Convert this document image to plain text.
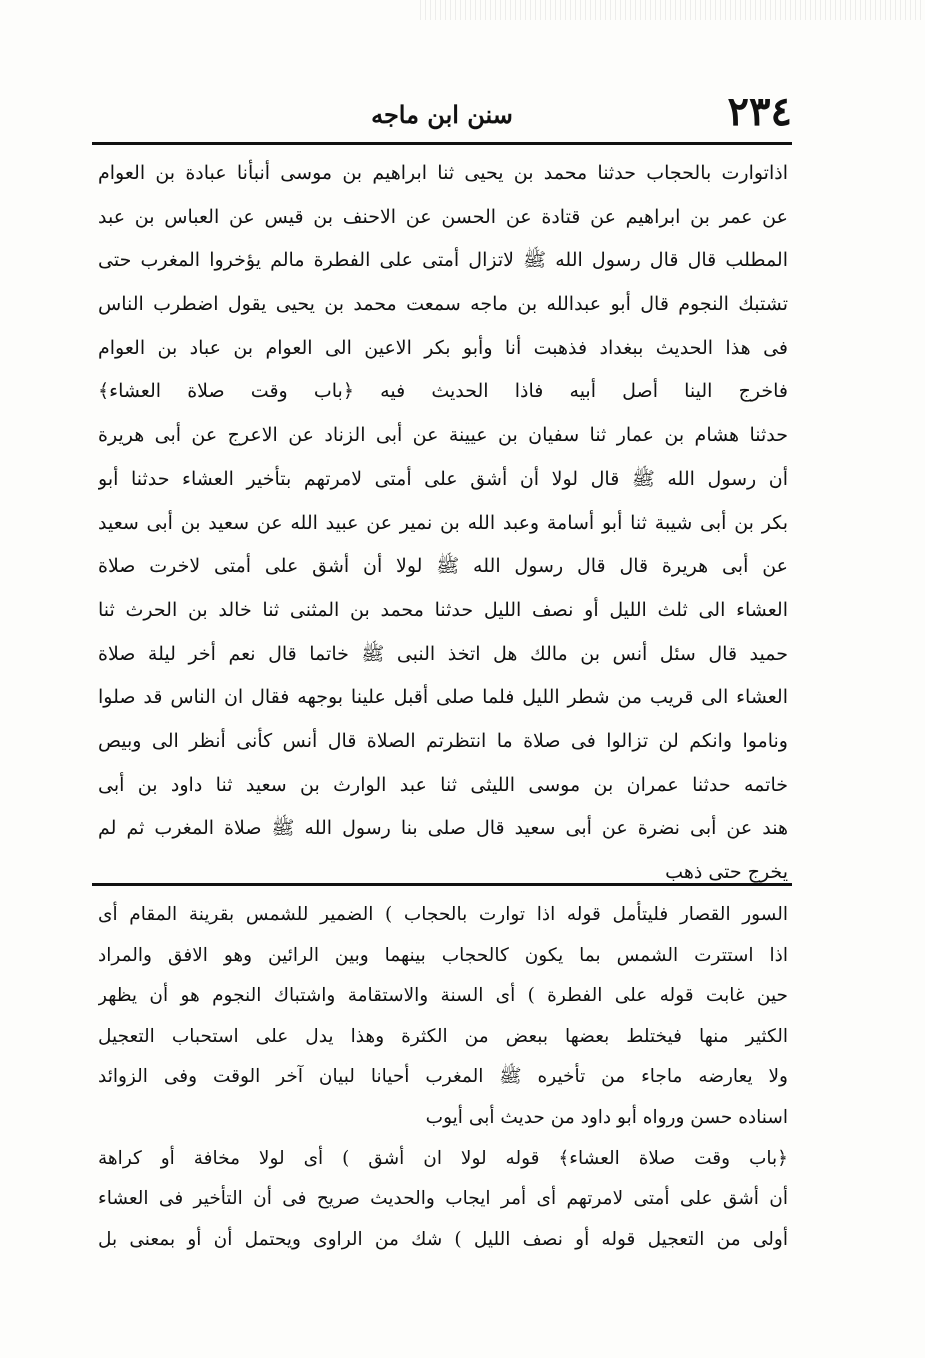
٢٣٤
سنن ابن ماجه
اذاتوارت بالحجاب حدثنا محمد بن يحيى ثنا ابراهيم بن موسى أنبأنا عبادة بن العوام
عن عمر بن ابراهيم عن قتادة عن الحسن عن الاحنف بن قيس عن العباس بن عبد
المطلب قال قال رسول الله ﷺ لاتزال أمتى على الفطرة مالم يؤخروا المغرب حتى
تشتبك النجوم قال أبو عبدالله بن ماجه سمعت محمد بن يحيى يقول اضطرب الناس
فى هذا الحديث ببغداد فذهبت أنا وأبو بكر الاعين الى العوام بن عباد بن العوام
فاخرج الينا أصل أبيه فاذا الحديث فيه ﴿باب وقت صلاة العشاء﴾
حدثنا هشام بن عمار ثنا سفيان بن عيينة عن أبى الزناد عن الاعرج عن أبى هريرة
أن رسول الله ﷺ قال لولا أن أشق على أمتى لامرتهم بتأخير العشاء حدثنا أبو
بكر بن أبى شيبة ثنا أبو أسامة وعبد الله بن نمير عن عبيد الله عن سعيد بن أبى سعيد
عن أبى هريرة قال قال رسول الله ﷺ لولا أن أشق على أمتى لاخرت صلاة
العشاء الى ثلث الليل أو نصف الليل حدثنا محمد بن المثنى ثنا خالد بن الحرث ثنا
حميد قال سئل أنس بن مالك هل اتخذ النبى ﷺ خاتما قال نعم أخر ليلة صلاة
العشاء الى قريب من شطر الليل فلما صلى أقبل علينا بوجهه فقال ان الناس قد صلوا
وناموا وانكم لن تزالوا فى صلاة ما انتظرتم الصلاة قال أنس كأنى أنظر الى وبيص
خاتمه حدثنا عمران بن موسى الليثى ثنا عبد الوارث بن سعيد ثنا داود بن أبى
هند عن أبى نضرة عن أبى سعيد قال صلى بنا رسول الله ﷺ صلاة المغرب ثم لم
يخرج حتى ذهب
السور القصار فليتأمل قوله اذا توارت بالحجاب ) الضمير للشمس بقرينة المقام أى
اذا استترت الشمس بما يكون كالحجاب بينهما وبين الرائين وهو الافق والمراد
حين غابت قوله على الفطرة ) أى السنة والاستقامة واشتباك النجوم هو أن يظهر
الكثير منها فيختلط بعضها ببعض من الكثرة وهذا يدل على استحباب التعجيل
ولا يعارضه ماجاء من تأخيره ﷺ المغرب أحيانا لبيان آخر الوقت وفى الزوائد
اسناده حسن ورواه أبو داود من حديث أبى أيوب
﴿باب وقت صلاة العشاء﴾ قوله لولا ان أشق ) أى لولا مخافة أو كراهة
أن أشق على أمتى لامرتهم أى أمر ايجاب والحديث صريح فى أن التأخير فى العشاء
أولى من التعجيل قوله أو نصف الليل ) شك من الراوى ويحتمل أن أو بمعنى بل
